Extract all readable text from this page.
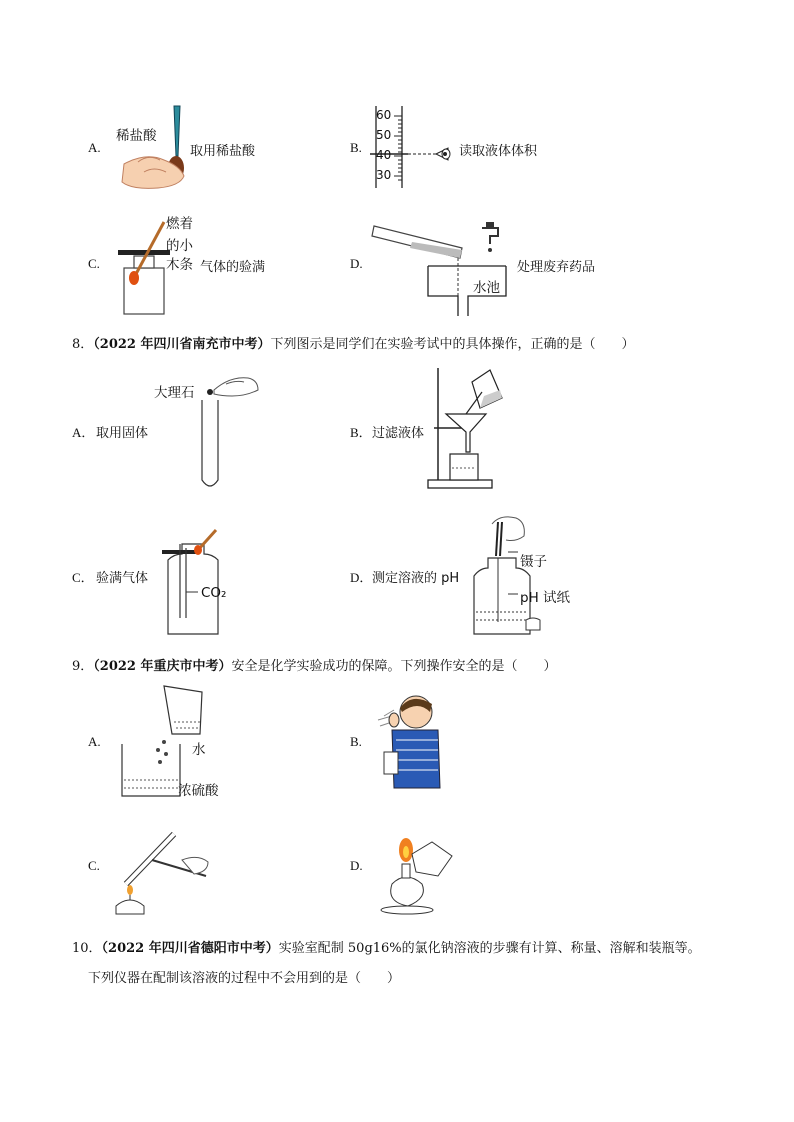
A.
稀盐酸
取用稀盐酸	B.
60
50
40
30
读取液体体积
C.
燃着
的小
木条 气体的验满	D.
水池
处理废弃药品
8．（2022 年四川省南充市中考）下列图示是同学们在实验考试中的具体操作，正确的是（　　）
A． 取用固体
大理石
B． 过滤液体
C． 验满气体
CO₂
D． 测定溶液的 pH
镊子
pH 试纸
9．（2022 年重庆市中考）安全是化学实验成功的保障。下列操作安全的是（　　）
A.
水
浓硫酸
B.
C.	D.
10．（2022 年四川省德阳市中考）实验室配制 50g16%的氯化钠溶液的步骤有计算、称量、溶解和装瓶等。
下列仪器在配制该溶液的过程中不会用到的是（　　）
